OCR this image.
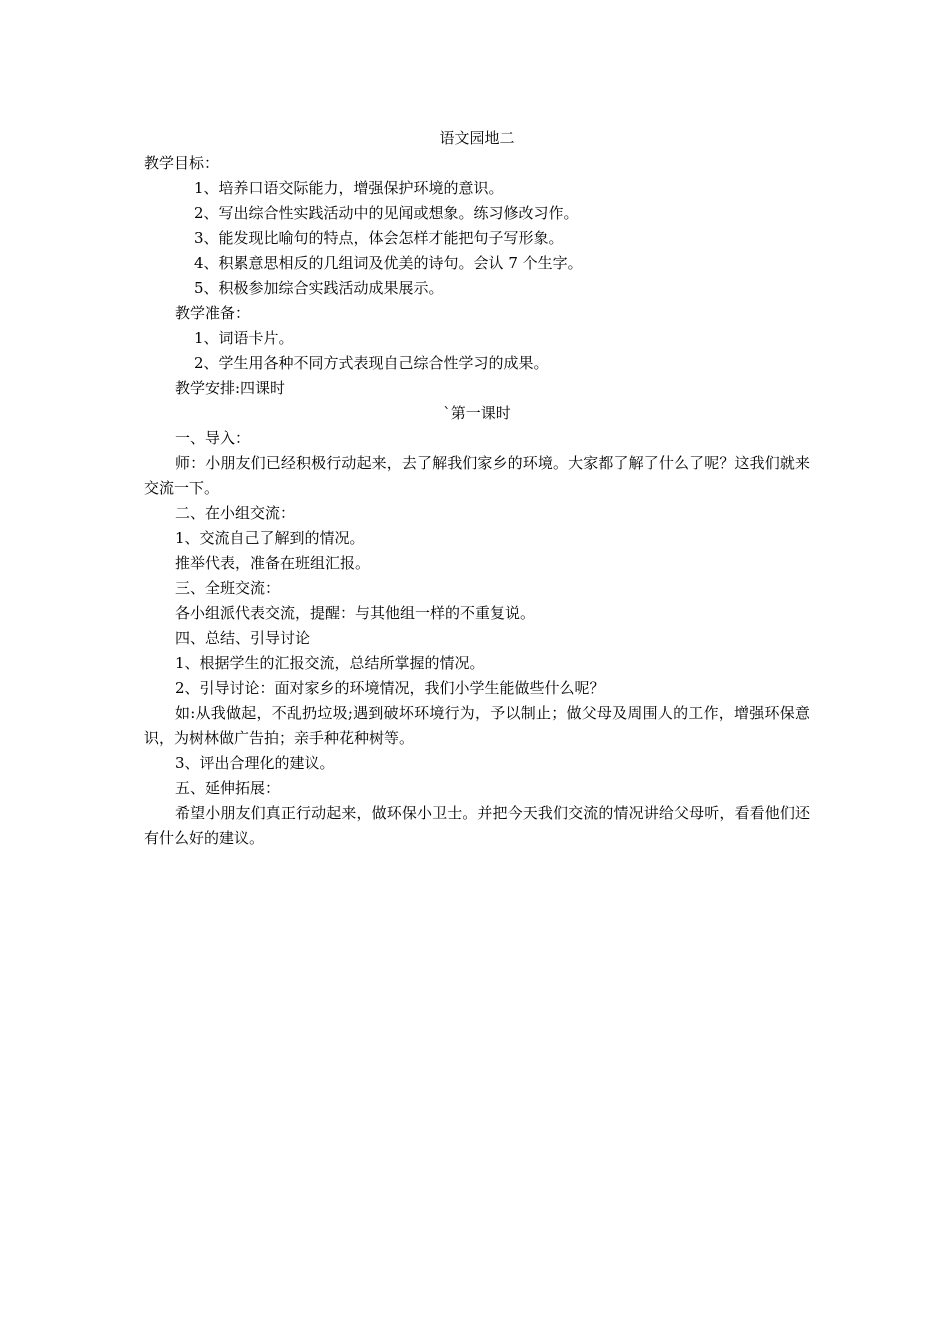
语文园地二
教学目标：
1、培养口语交际能力，增强保护环境的意识。
2、写出综合性实践活动中的见闻或想象。练习修改习作。
3、能发现比喻句的特点，体会怎样才能把句子写形象。
4、积累意思相反的几组词及优美的诗句。会认 7 个生字。
5、积极参加综合实践活动成果展示。
教学准备：
1、词语卡片。
2、学生用各种不同方式表现自己综合性学习的成果。
教学安排:四课时
`第一课时
一、导入：
师：小朋友们已经积极行动起来，去了解我们家乡的环境。大家都了解了什么了呢？这我们就来交流一下。
二、在小组交流：
1、交流自己了解到的情况。
推举代表，准备在班组汇报。
三、全班交流：
各小组派代表交流，提醒：与其他组一样的不重复说。
四、总结、引导讨论
1、根据学生的汇报交流，总结所掌握的情况。
2、引导讨论：面对家乡的环境情况，我们小学生能做些什么呢？
如:从我做起，不乱扔垃圾;遇到破坏环境行为，予以制止；做父母及周围人的工作，增强环保意识，为树林做广告拍；亲手种花种树等。
3、评出合理化的建议。
五、延伸拓展：
希望小朋友们真正行动起来，做环保小卫士。并把今天我们交流的情况讲给父母听，看看他们还有什么好的建议。
